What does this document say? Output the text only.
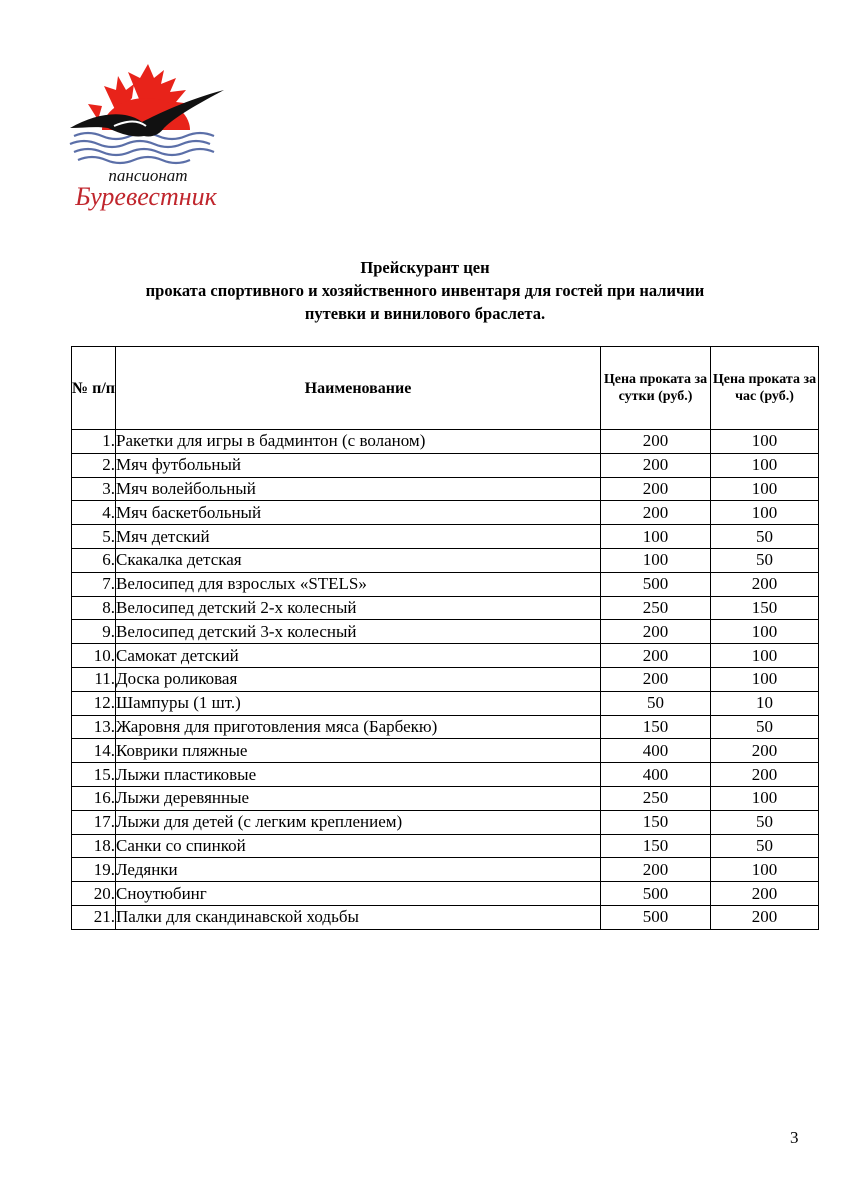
пансионат
Буревестник
Прейскурант цен
проката спортивного и хозяйственного инвентаря для гостей при наличии
путевки и винилового браслета.
№ п/п	Наименование	Цена проката за сутки (руб.)	Цена проката за час (руб.)
1.	Ракетки для игры в бадминтон (с воланом)	200	100
2.	Мяч футбольный	200	100
3.	Мяч волейбольный	200	100
4.	Мяч баскетбольный	200	100
5.	Мяч детский	100	50
6.	Скакалка детская	100	50
7.	Велосипед для взрослых «STELS»	500	200
8.	Велосипед детский 2-х колесный	250	150
9.	Велосипед детский 3-х колесный	200	100
10.	Самокат детский	200	100
11.	Доска роликовая	200	100
12.	Шампуры (1 шт.)	50	10
13.	Жаровня для приготовления мяса (Барбекю)	150	50
14.	Коврики пляжные	400	200
15.	Лыжи пластиковые	400	200
16.	Лыжи деревянные	250	100
17.	Лыжи для детей (с легким креплением)	150	50
18.	Санки со спинкой	150	50
19.	Ледянки	200	100
20.	Сноутюбинг	500	200
21.	Палки для скандинавской ходьбы	500	200
3
